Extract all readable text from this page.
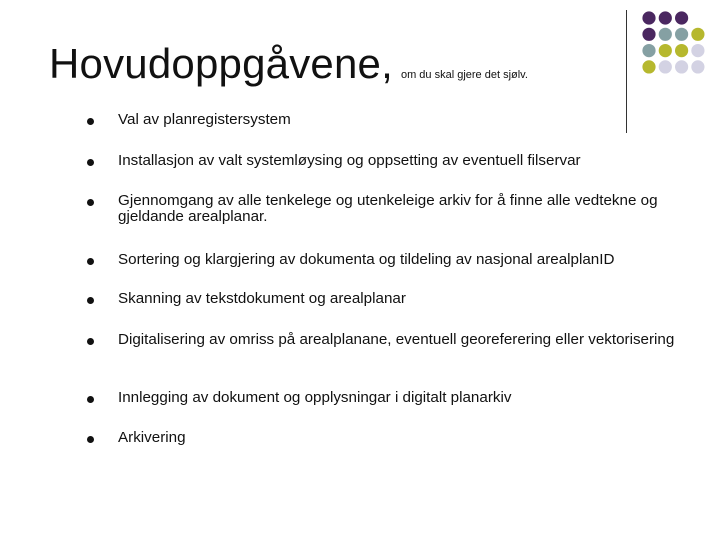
Hovudoppgåvene, om du skal gjere det sjølv.
Val av planregistersystem
Installasjon av valt systemløysing og oppsetting av eventuell filservar
Gjennomgang av alle tenkelege og utenkeleige arkiv for å finne alle vedtekne og gjeldande arealplanar.
Sortering og klargjering av dokumenta og tildeling av nasjonal arealplanID
Skanning av tekstdokument og arealplanar
Digitalisering av omriss på arealplanane, eventuell georeferering eller vektorisering
Innlegging av dokument og opplysningar i digitalt planarkiv
Arkivering
